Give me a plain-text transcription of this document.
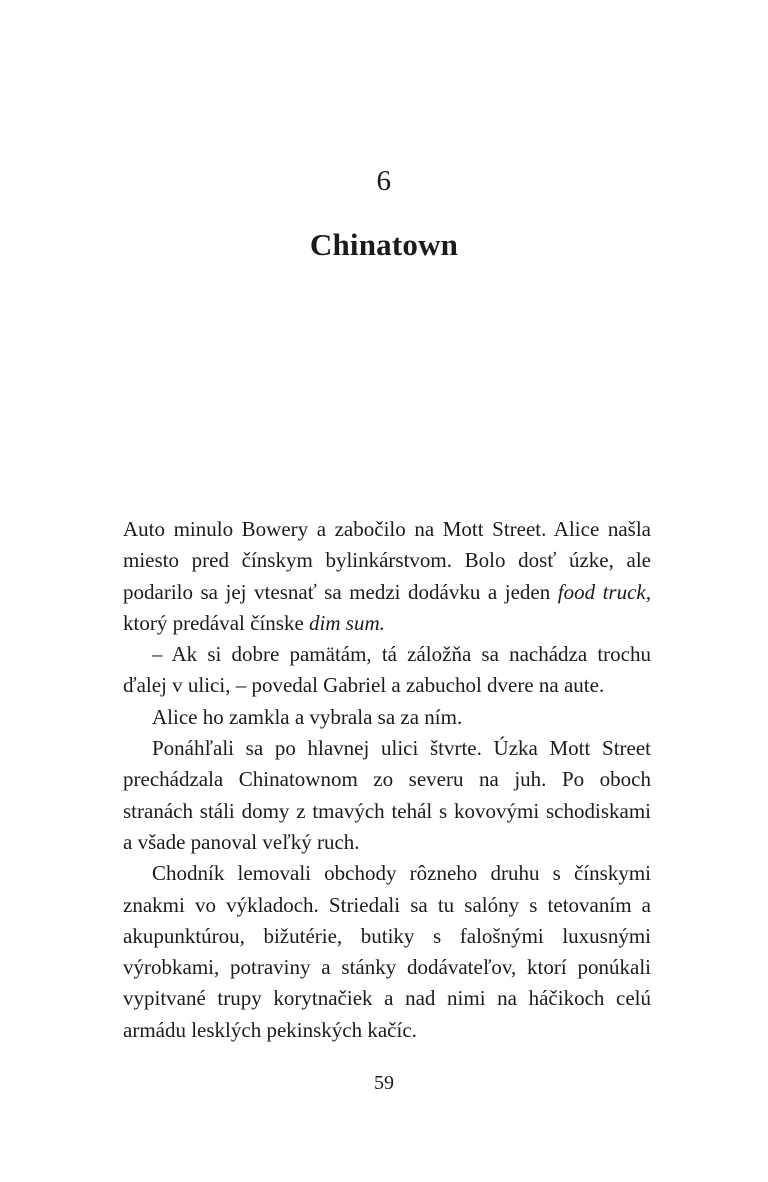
6
Chinatown

Auto minulo Bowery a zabočilo na Mott Street. Alice našla miesto pred čínskym bylinkárstvom. Bolo dosť úzke, ale podarilo sa jej vtesnať sa medzi dodávku a jeden food truck, ktorý predával čínske dim sum.

– Ak si dobre pamätám, tá záložňa sa nachádza trochu ďalej v ulici, – povedal Gabriel a zabuchol dvere na aute.

Alice ho zamkla a vybrala sa za ním.

Ponáhľali sa po hlavnej ulici štvrte. Úzka Mott Street prechádzala Chinatownom zo severu na juh. Po oboch stranách stáli domy z tmavých tehál s kovovými schodiskami a všade panoval veľký ruch.

Chodník lemovali obchody rôzneho druhu s čínskymi znakmi vo výkladoch. Striedali sa tu salóny s tetovaním a akupunktúrou, bižutérie, butiky s falošnými luxusnými výrobkami, potraviny a stánky dodávateľov, ktorí ponúkali vypitvané trupy korytnačiek a nad nimi na háčikoch celú armádu lesklých pekinských kačíc.

59
